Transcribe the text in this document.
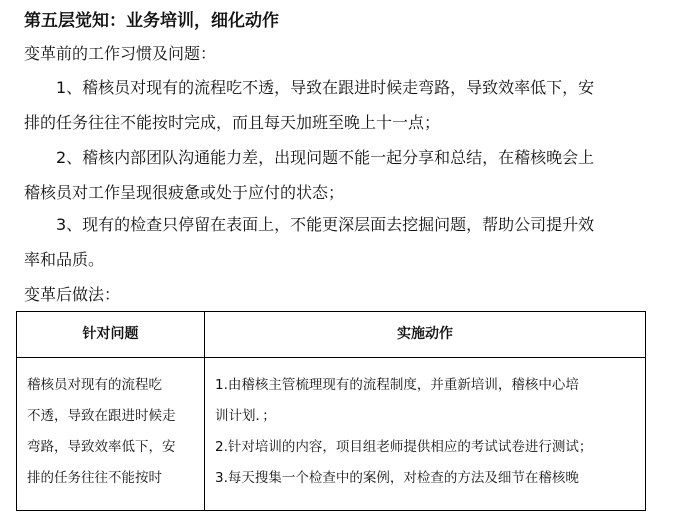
第五层觉知：业务培训，细化动作
变革前的工作习惯及问题：
1、稽核员对现有的流程吃不透，导致在跟进时候走弯路，导致效率低下，安
排的任务往往不能按时完成，而且每天加班至晚上十一点；
2、稽核内部团队沟通能力差，出现问题不能一起分享和总结，在稽核晚会上
稽核员对工作呈现很疲惫或处于应付的状态；
3、现有的检查只停留在表面上，不能更深层面去挖掘问题，帮助公司提升效
率和品质。
变革后做法：
针对问题	实施动作
稽核员对现有的流程吃
不透，导致在跟进时候走
弯路，导致效率低下，安
排的任务往往不能按时
1.由稽核主管梳理现有的流程制度，并重新培训，稽核中心培
训计划．；
2.针对培训的内容，项目组老师提供相应的考试试卷进行测试；
3.每天搜集一个检查中的案例，对检查的方法及细节在稽核晚
